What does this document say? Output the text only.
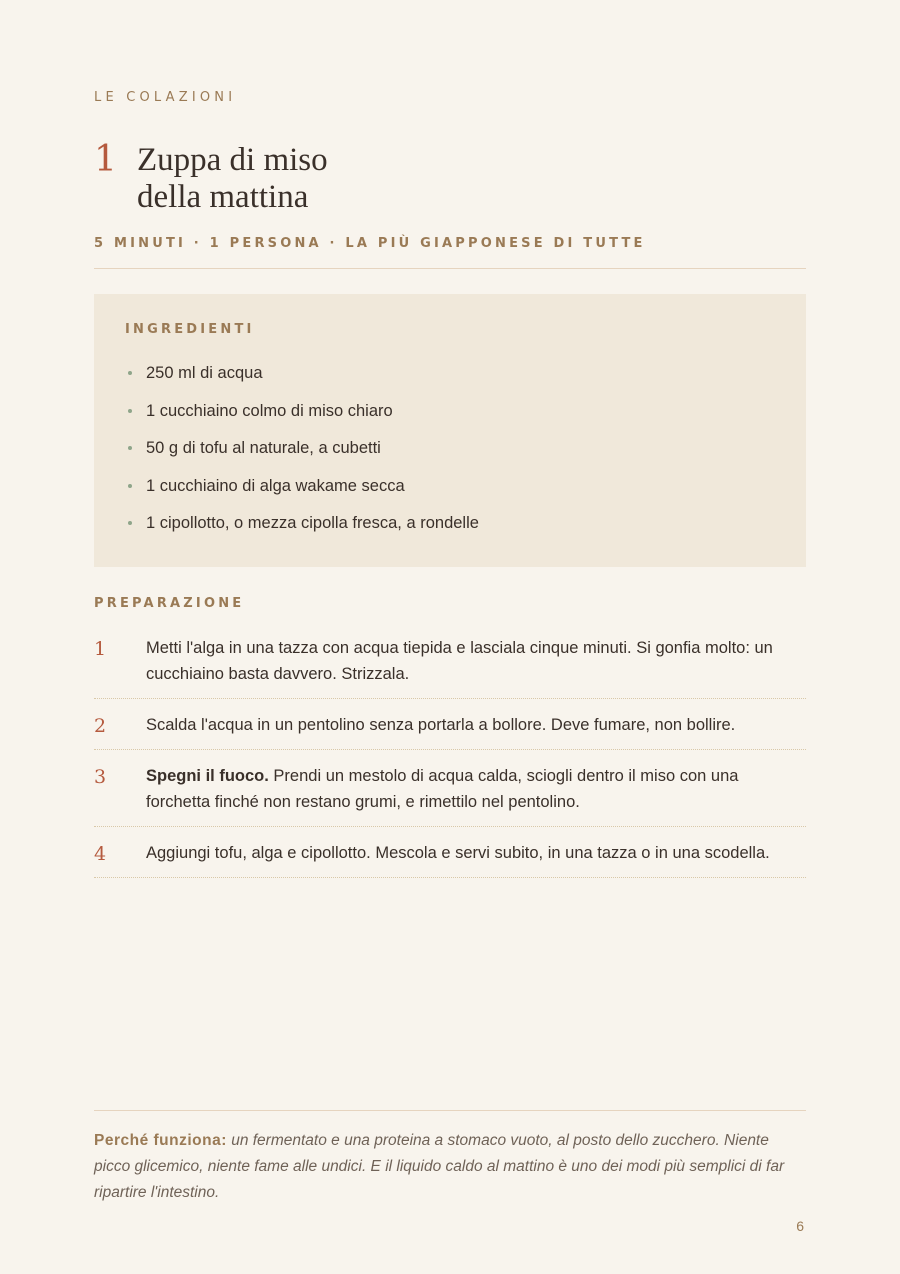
LE COLAZIONI
1 Zuppa di miso
della mattina
5 MINUTI · 1 PERSONA · LA PIÙ GIAPPONESE DI TUTTE
INGREDIENTI
250 ml di acqua
1 cucchiaino colmo di miso chiaro
50 g di tofu al naturale, a cubetti
1 cucchiaino di alga wakame secca
1 cipollotto, o mezza cipolla fresca, a rondelle
PREPARAZIONE
1 Metti l'alga in una tazza con acqua tiepida e lasciala cinque minuti. Si gonfia molto: un cucchiaino basta davvero. Strizzala.
2 Scalda l'acqua in un pentolino senza portarla a bollore. Deve fumare, non bollire.
3 Spegni il fuoco. Prendi un mestolo di acqua calda, sciogli dentro il miso con una forchetta finché non restano grumi, e rimettilo nel pentolino.
4 Aggiungi tofu, alga e cipollotto. Mescola e servi subito, in una tazza o in una scodella.
Perché funziona: un fermentato e una proteina a stomaco vuoto, al posto dello zucchero. Niente picco glicemico, niente fame alle undici. E il liquido caldo al mattino è uno dei modi più semplici di far ripartire l'intestino.
6
